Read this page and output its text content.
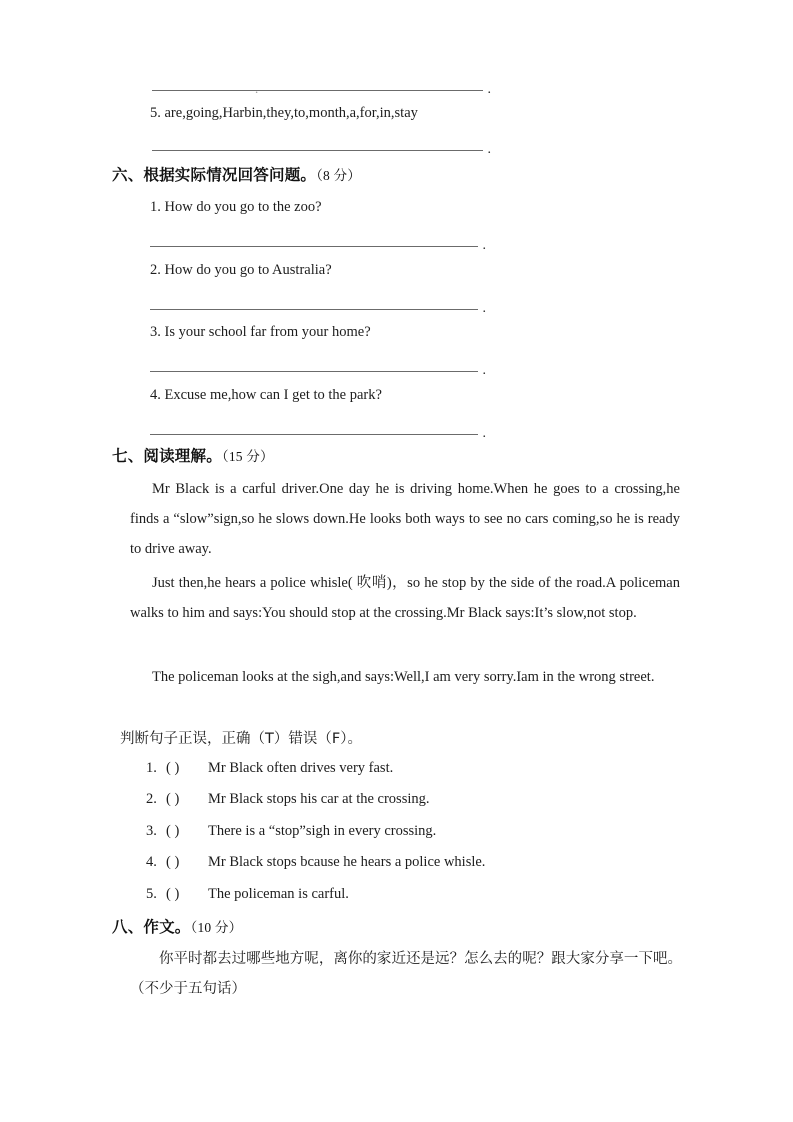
.	.
5. are,going,Harbin,they,to,month,a,for,in,stay
.
六、根据实际情况回答问题。（8 分）
1. How do you go to the zoo?
.
2. How do you go to Australia?
.
3. Is your school far from your home?
.
4. Excuse me,how can I get to the park?
.
七、阅读理解。（15 分）

Mr Black is a carful driver.One day he is driving home.When he goes to a crossing,he finds a “slow”sign,so he slows down.He looks both ways to see no cars coming,so he is ready to drive away.

Just then,he hears a police whisle( 吹哨)，so he stop by the side of the road.A policeman walks to him and says:You should stop at the crossing.Mr Black says:It’s slow,not stop.

The policeman looks at the sigh,and says:Well,I am very sorry.Iam in the wrong street.

判断句子正误，正确（T）错误（F）。
1. ( ) Mr Black often drives very fast.
2. ( ) Mr Black stops his car at the crossing.
3. ( ) There is a “stop”sigh in every crossing.
4. ( ) Mr Black stops bcause he hears a police whisle.
5. ( ) The policeman is carful.
八、作文。（10 分）

你平时都去过哪些地方呢，离你的家近还是远？怎么去的呢？跟大家分享一下吧。（不少于五句话）
